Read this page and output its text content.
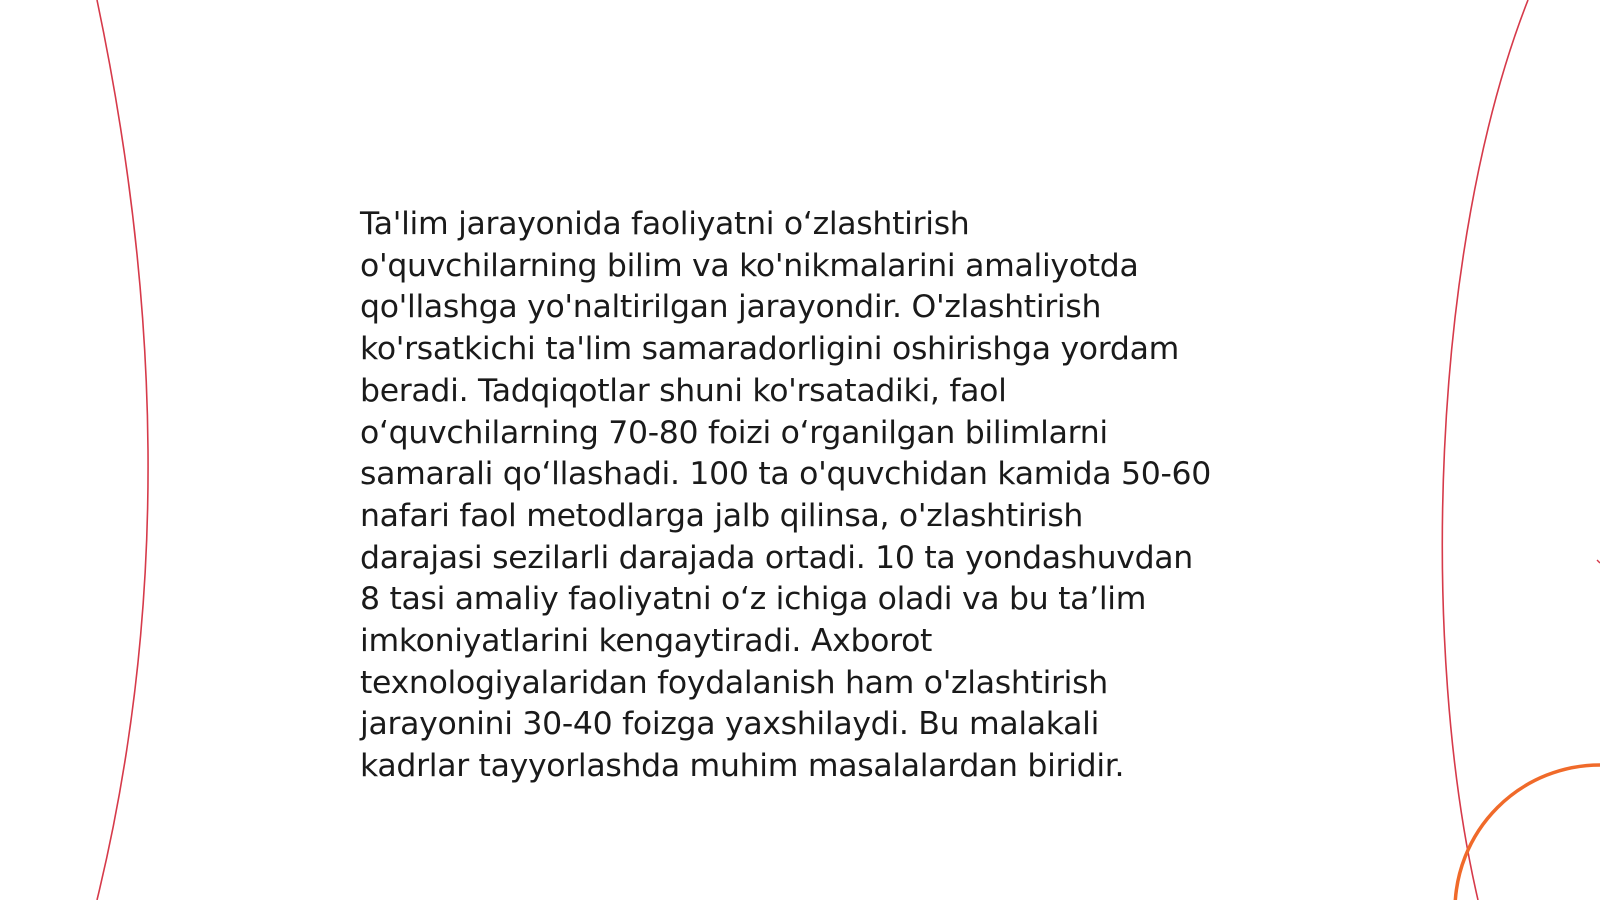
Ta'lim jarayonida faoliyatni oʻzlashtirish
o'quvchilarning bilim va ko'nikmalarini amaliyotda
qo'llashga yo'naltirilgan jarayondir. O'zlashtirish
ko'rsatkichi ta'lim samaradorligini oshirishga yordam
beradi. Tadqiqotlar shuni ko'rsatadiki, faol
oʻquvchilarning 70-80 foizi oʻrganilgan bilimlarni
samarali qoʻllashadi. 100 ta o'quvchidan kamida 50-60
nafari faol metodlarga jalb qilinsa, o'zlashtirish
darajasi sezilarli darajada ortadi. 10 ta yondashuvdan
8 tasi amaliy faoliyatni oʻz ichiga oladi va bu taʼlim
imkoniyatlarini kengaytiradi. Axborot
texnologiyalaridan foydalanish ham o'zlashtirish
jarayonini 30-40 foizga yaxshilaydi. Bu malakali
kadrlar tayyorlashda muhim masalalardan biridir.
